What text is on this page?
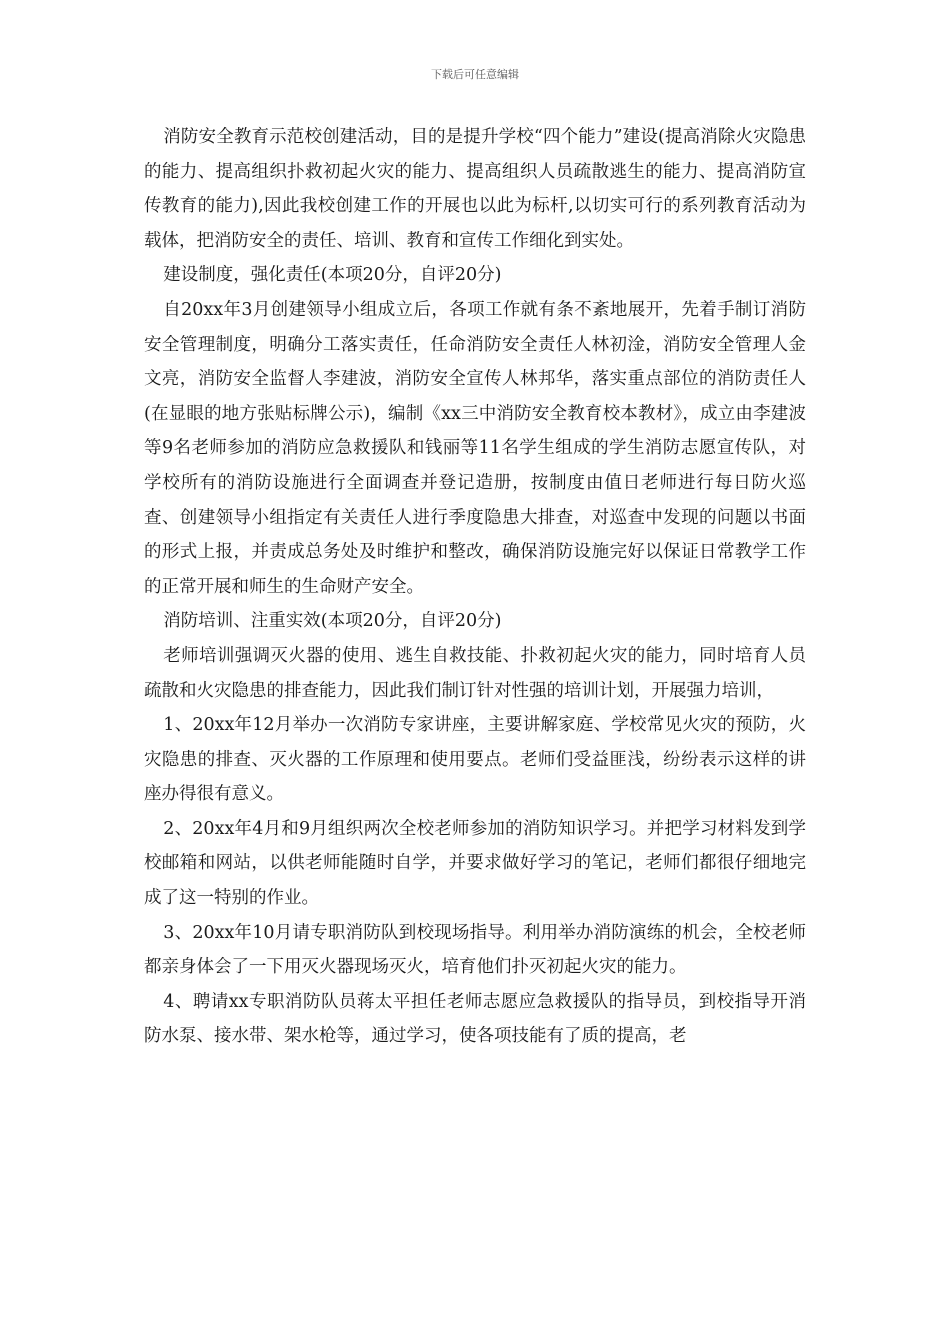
下载后可任意编辑

消防安全教育示范校创建活动，目的是提升学校“四个能力”建设(提高消除火灾隐患的能力、提高组织扑救初起火灾的能力、提高组织人员疏散逃生的能力、提高消防宣传教育的能力),因此我校创建工作的开展也以此为标杆,以切实可行的系列教育活动为载体，把消防安全的责任、培训、教育和宣传工作细化到实处。

建设制度，强化责任(本项20分，自评20分)

自20xx年3月创建领导小组成立后，各项工作就有条不紊地展开，先着手制订消防安全管理制度，明确分工落实责任，任命消防安全责任人林初淦，消防安全管理人金文亮，消防安全监督人李建波，消防安全宣传人林邦华，落实重点部位的消防责任人(在显眼的地方张贴标牌公示)，编制《xx三中消防安全教育校本教材》，成立由李建波等9名老师参加的消防应急救援队和钱丽等11名学生组成的学生消防志愿宣传队，对学校所有的消防设施进行全面调查并登记造册，按制度由值日老师进行每日防火巡查、创建领导小组指定有关责任人进行季度隐患大排查，对巡查中发现的问题以书面的形式上报，并责成总务处及时维护和整改，确保消防设施完好以保证日常教学工作的正常开展和师生的生命财产安全。

消防培训、注重实效(本项20分，自评20分)

老师培训强调灭火器的使用、逃生自救技能、扑救初起火灾的能力，同时培育人员疏散和火灾隐患的排查能力，因此我们制订针对性强的培训计划，开展强力培训，

1、20xx年12月举办一次消防专家讲座，主要讲解家庭、学校常见火灾的预防，火灾隐患的排查、灭火器的工作原理和使用要点。老师们受益匪浅，纷纷表示这样的讲座办得很有意义。

2、20xx年4月和9月组织两次全校老师参加的消防知识学习。并把学习材料发到学校邮箱和网站，以供老师能随时自学，并要求做好学习的笔记，老师们都很仔细地完成了这一特别的作业。

3、20xx年10月请专职消防队到校现场指导。利用举办消防演练的机会，全校老师都亲身体会了一下用灭火器现场灭火，培育他们扑灭初起火灾的能力。

4、聘请xx专职消防队员蒋太平担任老师志愿应急救援队的指导员，到校指导开消防水泵、接水带、架水枪等，通过学习，使各项技能有了质的提高，老
